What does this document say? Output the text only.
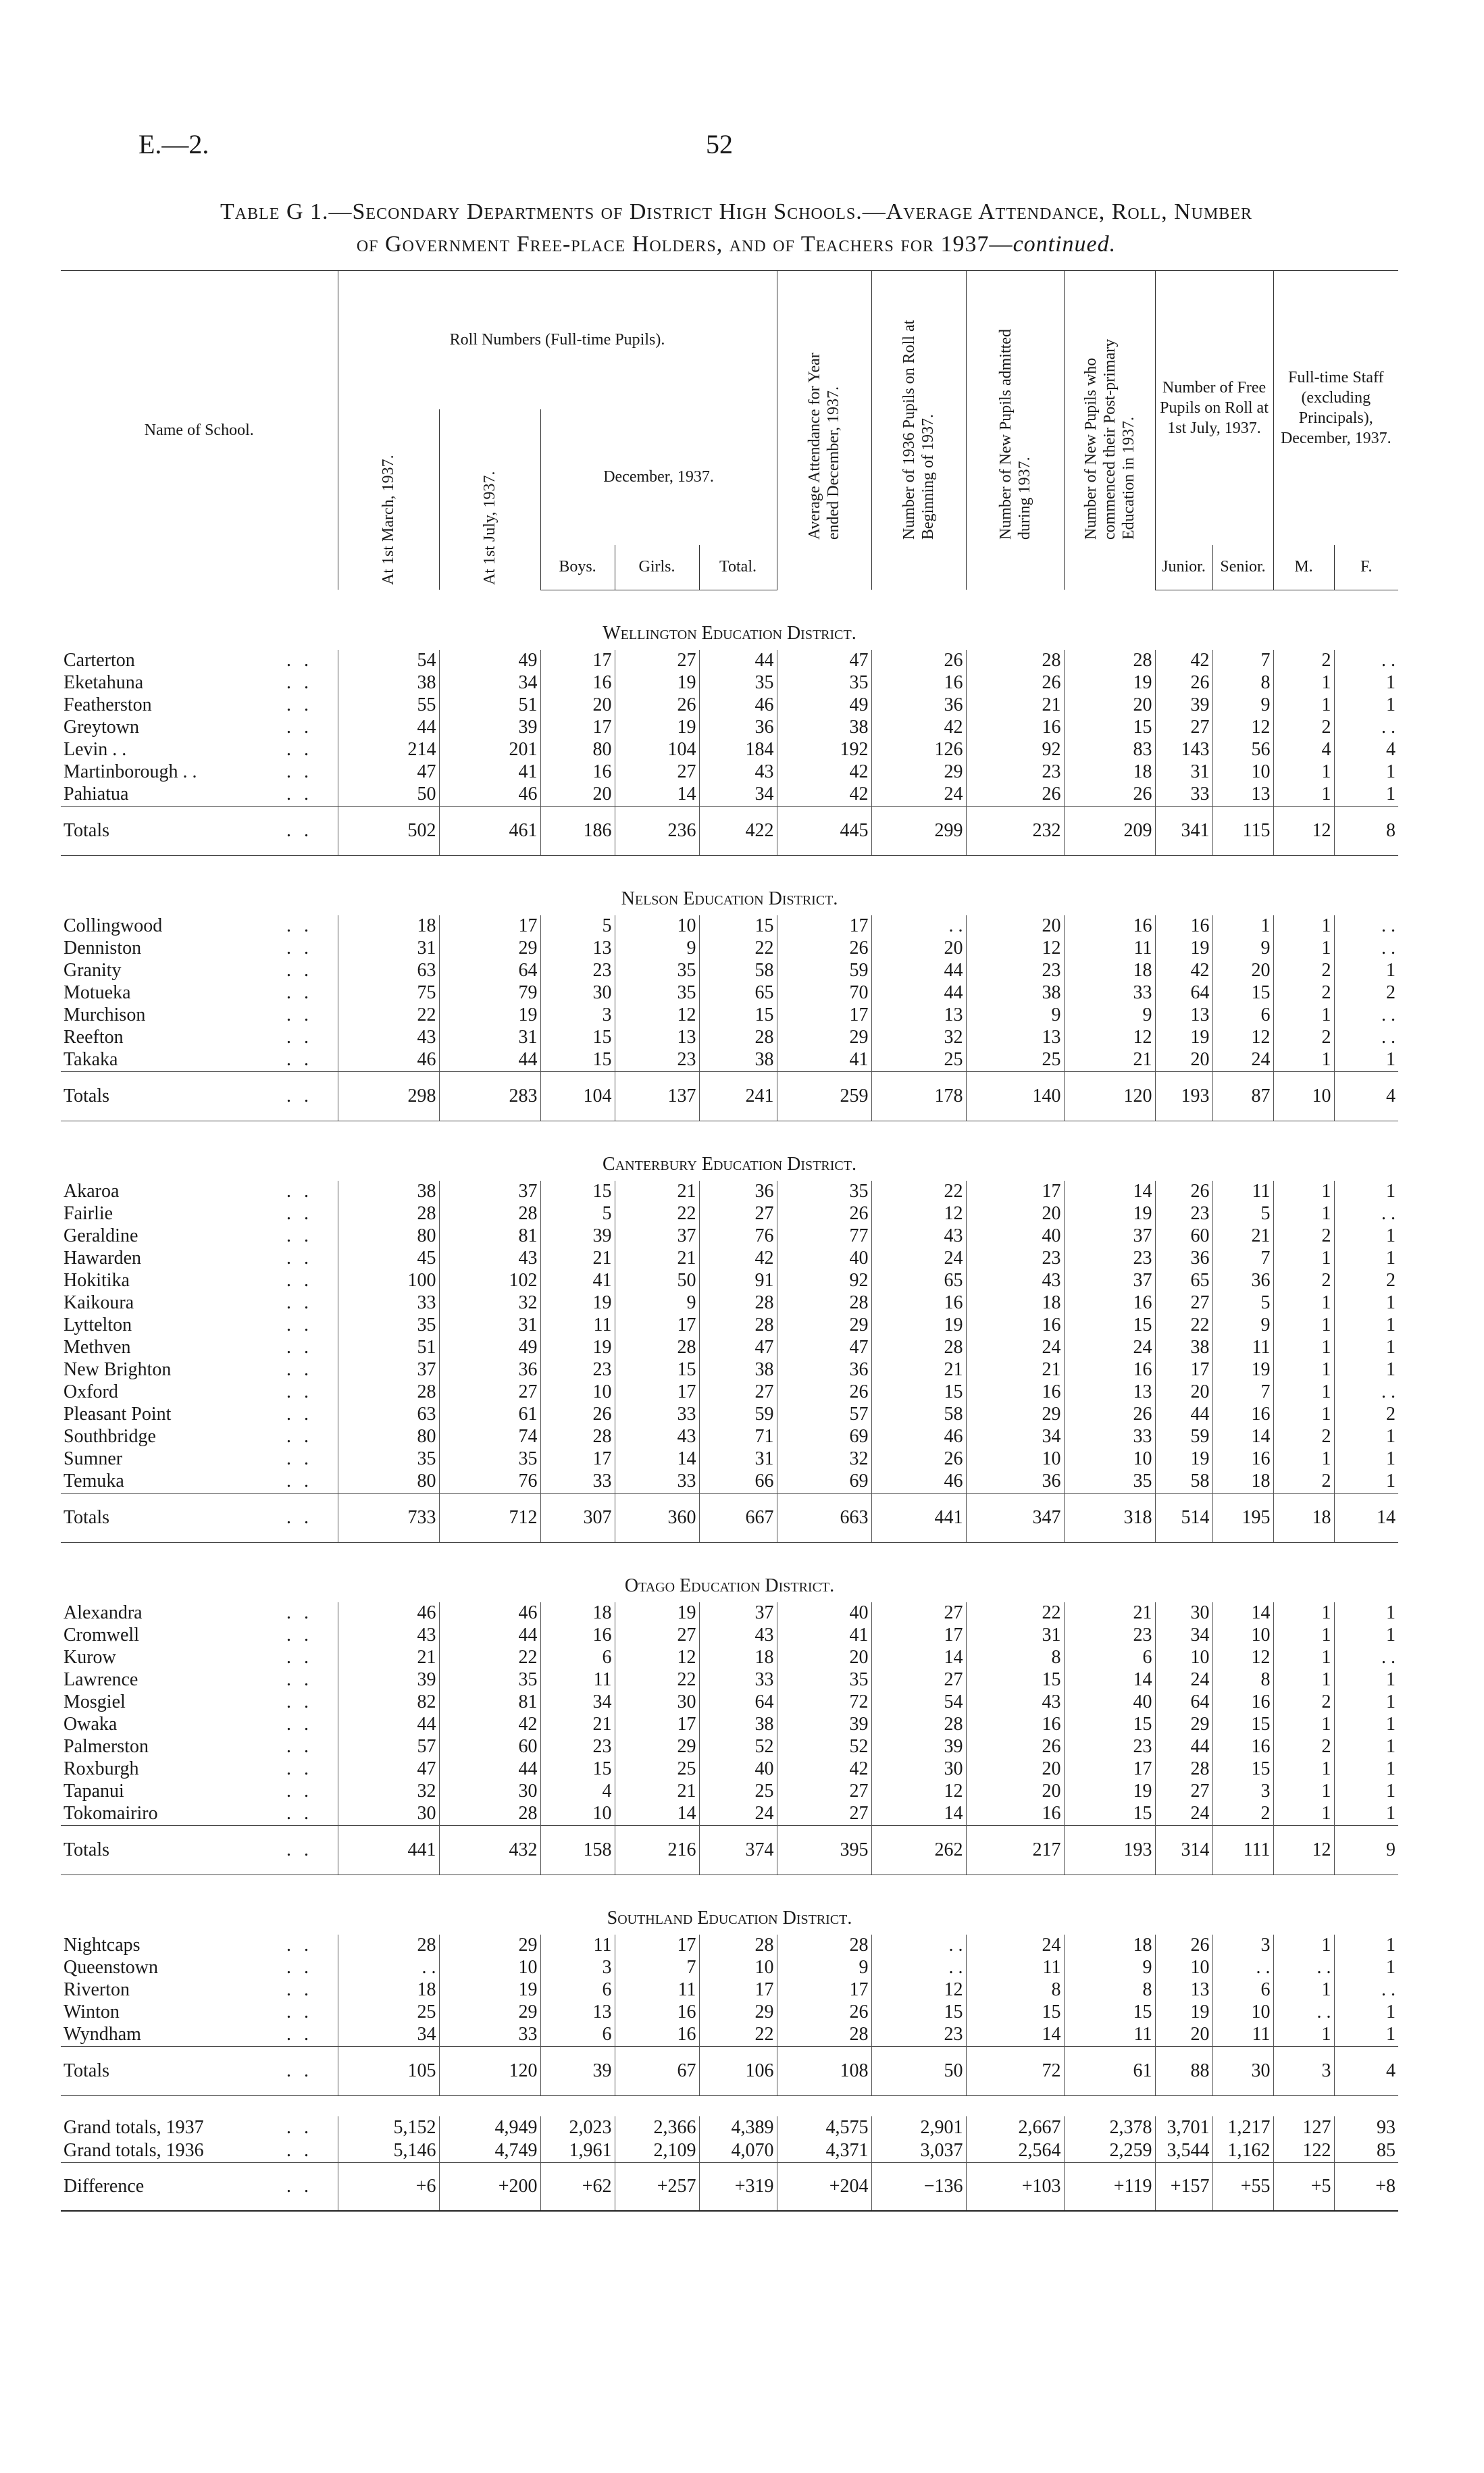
E.—2.	52
Table G 1.—Secondary Departments of District High Schools.—Average Attendance, Roll, Number
of Government Free-place Holders, and of Teachers for 1937—continued.
Name of School.		Roll Numbers (Full-time Pupils).					Average Attendance for Year ended December, 1937.	Number of 1936 Pupils on Roll at Beginning of 1937.	Number of New Pupils admitted during 1937.	Number of New Pupils who commenced their Post-primary Education in 1937.	Number of Free Pupils on Roll at 1st July, 1937.		Full-time Staff (excluding Principals), December, 1937.	
		At 1st March, 1937.	At 1st July, 1937.	December, 1937.										
				Boys.	Girls.	Total.					Junior.	Senior.	M.	F.
Wellington Education District.														
Carterton	. .	54	49	17	27	44	47	26	28	28	42	7	2	. .
Eketahuna	. .	38	34	16	19	35	35	16	26	19	26	8	1	1
Featherston	. .	55	51	20	26	46	49	36	21	20	39	9	1	1
Greytown	. .	44	39	17	19	36	38	42	16	15	27	12	2	. .
Levin . .	. .	214	201	80	104	184	192	126	92	83	143	56	4	4
Martinborough . .	. .	47	41	16	27	43	42	29	23	18	31	10	1	1
Pahiatua	. .	50	46	20	14	34	42	24	26	26	33	13	1	1
Totals	. .	502	461	186	236	422	445	299	232	209	341	115	12	8
Nelson Education District.														
Collingwood	. .	18	17	5	10	15	17	. .	20	16	16	1	1	. .
Denniston	. .	31	29	13	9	22	26	20	12	11	19	9	1	. .
Granity	. .	63	64	23	35	58	59	44	23	18	42	20	2	1
Motueka	. .	75	79	30	35	65	70	44	38	33	64	15	2	2
Murchison	. .	22	19	3	12	15	17	13	9	9	13	6	1	. .
Reefton	. .	43	31	15	13	28	29	32	13	12	19	12	2	. .
Takaka	. .	46	44	15	23	38	41	25	25	21	20	24	1	1
Totals	. .	298	283	104	137	241	259	178	140	120	193	87	10	4
Canterbury Education District.														
Akaroa	. .	38	37	15	21	36	35	22	17	14	26	11	1	1
Fairlie	. .	28	28	5	22	27	26	12	20	19	23	5	1	. .
Geraldine	. .	80	81	39	37	76	77	43	40	37	60	21	2	1
Hawarden	. .	45	43	21	21	42	40	24	23	23	36	7	1	1
Hokitika	. .	100	102	41	50	91	92	65	43	37	65	36	2	2
Kaikoura	. .	33	32	19	9	28	28	16	18	16	27	5	1	1
Lyttelton	. .	35	31	11	17	28	29	19	16	15	22	9	1	1
Methven	. .	51	49	19	28	47	47	28	24	24	38	11	1	1
New Brighton	. .	37	36	23	15	38	36	21	21	16	17	19	1	1
Oxford	. .	28	27	10	17	27	26	15	16	13	20	7	1	. .
Pleasant Point	. .	63	61	26	33	59	57	58	29	26	44	16	1	2
Southbridge	. .	80	74	28	43	71	69	46	34	33	59	14	2	1
Sumner	. .	35	35	17	14	31	32	26	10	10	19	16	1	1
Temuka	. .	80	76	33	33	66	69	46	36	35	58	18	2	1
Totals	. .	733	712	307	360	667	663	441	347	318	514	195	18	14
Otago Education District.														
Alexandra	. .	46	46	18	19	37	40	27	22	21	30	14	1	1
Cromwell	. .	43	44	16	27	43	41	17	31	23	34	10	1	1
Kurow	. .	21	22	6	12	18	20	14	8	6	10	12	1	. .
Lawrence	. .	39	35	11	22	33	35	27	15	14	24	8	1	1
Mosgiel	. .	82	81	34	30	64	72	54	43	40	64	16	2	1
Owaka	. .	44	42	21	17	38	39	28	16	15	29	15	1	1
Palmerston	. .	57	60	23	29	52	52	39	26	23	44	16	2	1
Roxburgh	. .	47	44	15	25	40	42	30	20	17	28	15	1	1
Tapanui	. .	32	30	4	21	25	27	12	20	19	27	3	1	1
Tokomairiro	. .	30	28	10	14	24	27	14	16	15	24	2	1	1
Totals	. .	441	432	158	216	374	395	262	217	193	314	111	12	9
Southland Education District.														
Nightcaps	. .	28	29	11	17	28	28	. .	24	18	26	3	1	1
Queenstown	. .	. .	10	3	7	10	9	. .	11	9	10	. .	. .	1
Riverton	. .	18	19	6	11	17	17	12	8	8	13	6	1	. .
Winton	. .	25	29	13	16	29	26	15	15	15	19	10	. .	1
Wyndham	. .	34	33	6	16	22	28	23	14	11	20	11	1	1
Totals	. .	105	120	39	67	106	108	50	72	61	88	30	3	4

Grand totals, 1937	. .	5,152	4,949	2,023	2,366	4,389	4,575	2,901	2,667	2,378	3,701	1,217	127	93
Grand totals, 1936	. .	5,146	4,749	1,961	2,109	4,070	4,371	3,037	2,564	2,259	3,544	1,162	122	85
Difference	. .	+6	+200	+62	+257	+319	+204	−136	+103	+119	+157	+55	+5	+8
